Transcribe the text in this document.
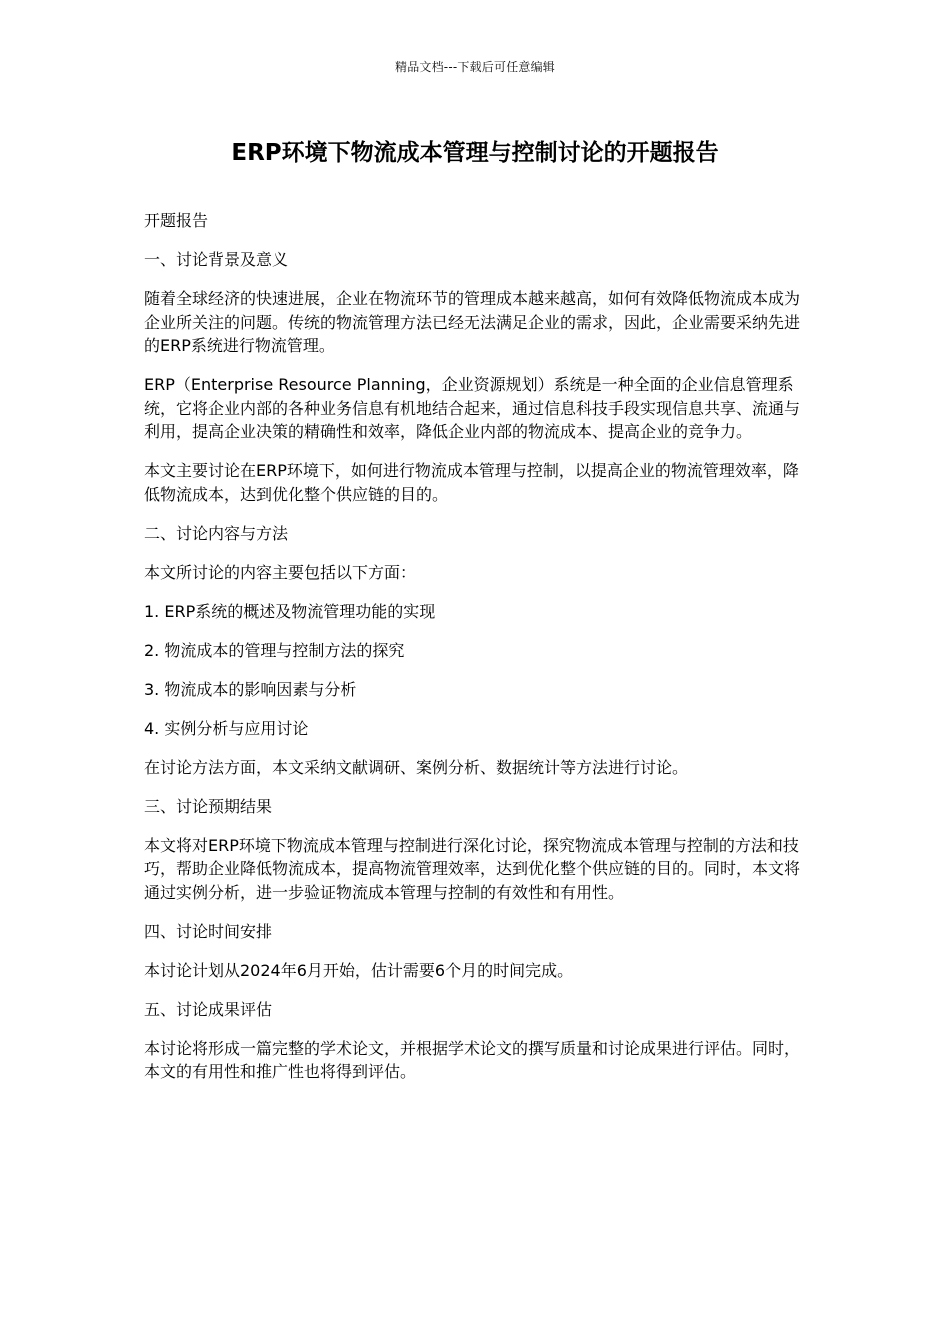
精品文档---下载后可任意编辑
ERP环境下物流成本管理与控制讨论的开题报告

开题报告

一、讨论背景及意义

随着全球经济的快速进展，企业在物流环节的管理成本越来越高，如何有效降低物流成本成为企业所关注的问题。传统的物流管理方法已经无法满足企业的需求，因此，企业需要采纳先进的ERP系统进行物流管理。

ERP（Enterprise Resource Planning，企业资源规划）系统是一种全面的企业信息管理系统，它将企业内部的各种业务信息有机地结合起来，通过信息科技手段实现信息共享、流通与利用，提高企业决策的精确性和效率，降低企业内部的物流成本、提高企业的竞争力。

本文主要讨论在ERP环境下，如何进行物流成本管理与控制，以提高企业的物流管理效率，降低物流成本，达到优化整个供应链的目的。

二、讨论内容与方法

本文所讨论的内容主要包括以下方面：

1. ERP系统的概述及物流管理功能的实现

2. 物流成本的管理与控制方法的探究

3. 物流成本的影响因素与分析

4. 实例分析与应用讨论

在讨论方法方面，本文采纳文献调研、案例分析、数据统计等方法进行讨论。

三、讨论预期结果

本文将对ERP环境下物流成本管理与控制进行深化讨论，探究物流成本管理与控制的方法和技巧，帮助企业降低物流成本，提高物流管理效率，达到优化整个供应链的目的。同时，本文将通过实例分析，进一步验证物流成本管理与控制的有效性和有用性。

四、讨论时间安排

本讨论计划从2024年6月开始，估计需要6个月的时间完成。

五、讨论成果评估

本讨论将形成一篇完整的学术论文，并根据学术论文的撰写质量和讨论成果进行评估。同时，本文的有用性和推广性也将得到评估。
